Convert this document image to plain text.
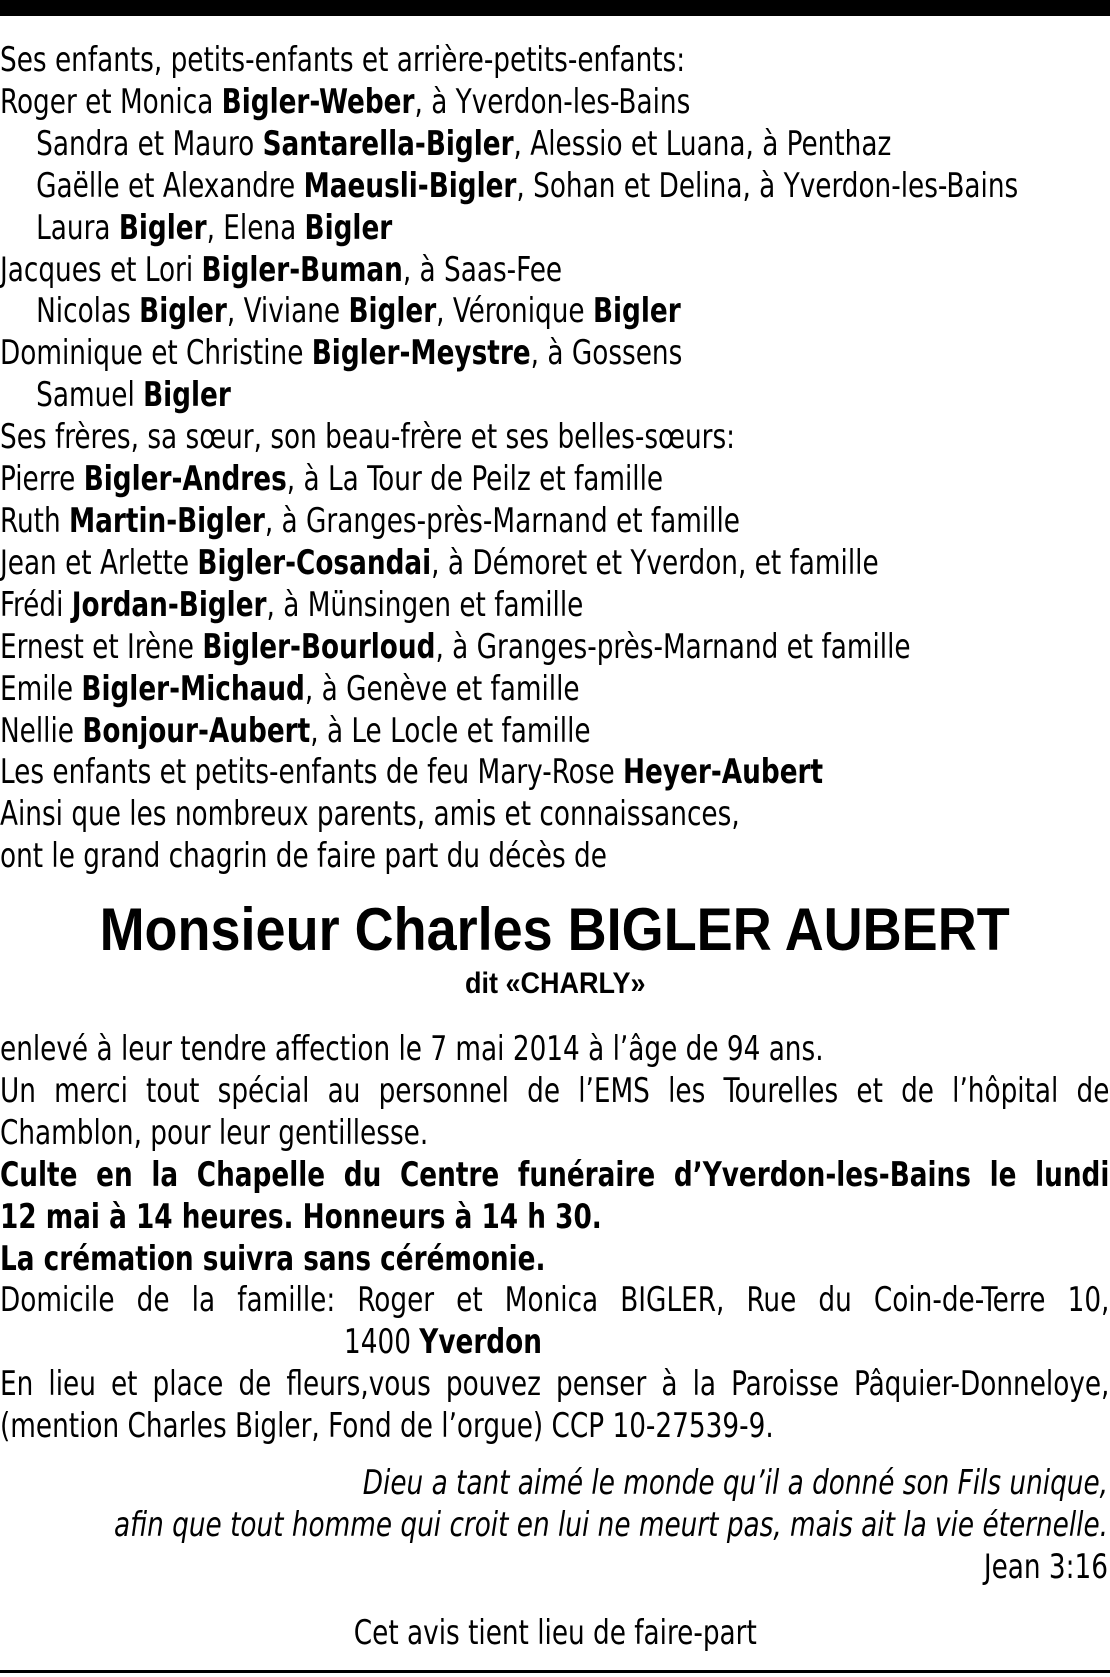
Ses enfants, petits-enfants et arrière-petits-enfants:
Roger et Monica Bigler-Weber, à Yverdon-les-Bains
Sandra et Mauro Santarella-Bigler, Alessio et Luana, à Penthaz
Gaëlle et Alexandre Maeusli-Bigler, Sohan et Delina, à Yverdon-les-Bains
Laura Bigler, Elena Bigler
Jacques et Lori Bigler-Buman, à Saas-Fee
Nicolas Bigler, Viviane Bigler, Véronique Bigler
Dominique et Christine Bigler-Meystre, à Gossens
Samuel Bigler
Ses frères, sa sœur, son beau-frère et ses belles-sœurs:
Pierre Bigler-Andres, à La Tour de Peilz et famille
Ruth Martin-Bigler, à Granges-près-Marnand et famille
Jean et Arlette Bigler-Cosandai, à Démoret et Yverdon, et famille
Frédi Jordan-Bigler, à Münsingen et famille
Ernest et Irène Bigler-Bourloud, à Granges-près-Marnand et famille
Emile Bigler-Michaud, à Genève et famille
Nellie Bonjour-Aubert, à Le Locle et famille
Les enfants et petits-enfants de feu Mary-Rose Heyer-Aubert
Ainsi que les nombreux parents, amis et connaissances,
ont le grand chagrin de faire part du décès de
Monsieur Charles BIGLER AUBERT
dit «CHARLY»
enlevé à leur tendre affection le 7 mai 2014 à l’âge de 94 ans.
Un merci tout spécial au personnel de l’EMS les Tourelles et de l’hôpital de
Chamblon, pour leur gentillesse.
Culte en la Chapelle du Centre funéraire d’Yverdon-les-Bains le lundi
12 mai à 14 heures. Honneurs à 14 h 30.
La crémation suivra sans cérémonie.
Domicile de la famille: Roger et Monica BIGLER, Rue du Coin-de-Terre 10,
1400 Yverdon
En lieu et place de fleurs,vous pouvez penser à la Paroisse Pâquier-Donneloye,
(mention Charles Bigler, Fond de l’orgue) CCP 10-27539-9.
Dieu a tant aimé le monde qu’il a donné son Fils unique,
afin que tout homme qui croit en lui ne meurt pas, mais ait la vie éternelle.
Jean 3:16
Cet avis tient lieu de faire-part
